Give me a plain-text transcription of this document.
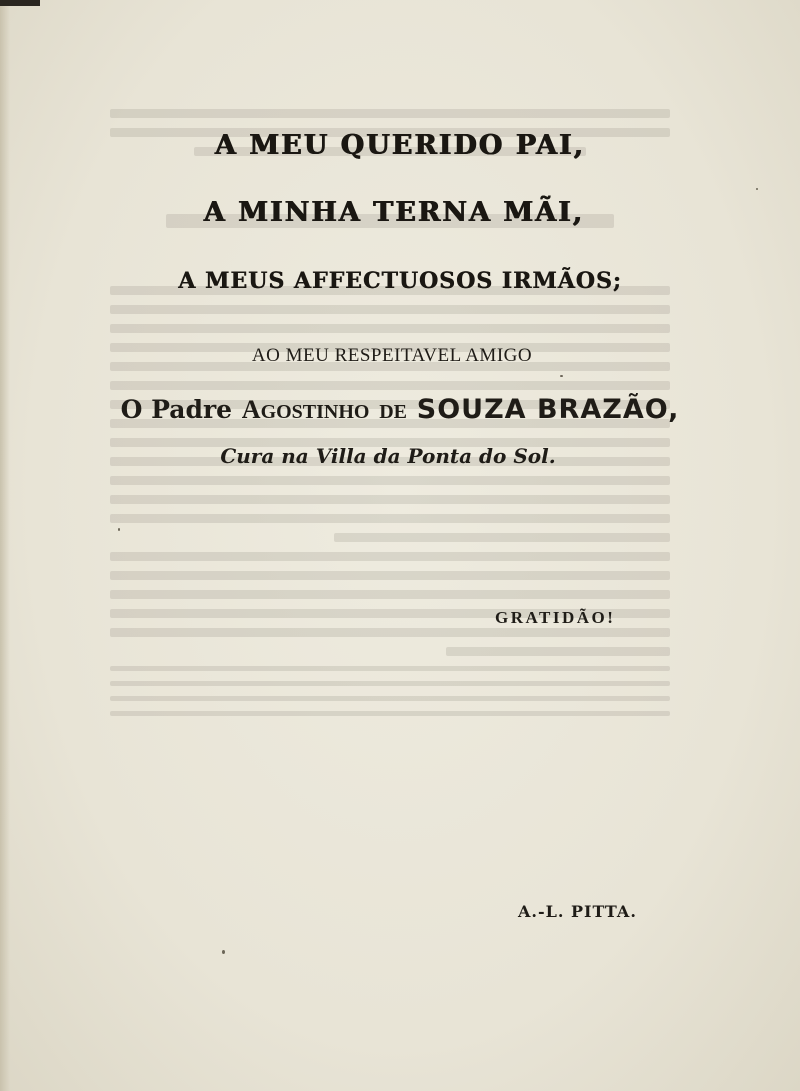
A MEU QUERIDO PAI,
A MINHA TERNA MÃI,
A MEUS AFFECTUOSOS IRMÃOS;
AO MEU RESPEITAVEL AMIGO
O Padre AGOSTINHO DE SOUZA BRAZÃO,
Cura na Villa da Ponta do Sol.
GRATIDÃO!
A.-L. PITTA.
